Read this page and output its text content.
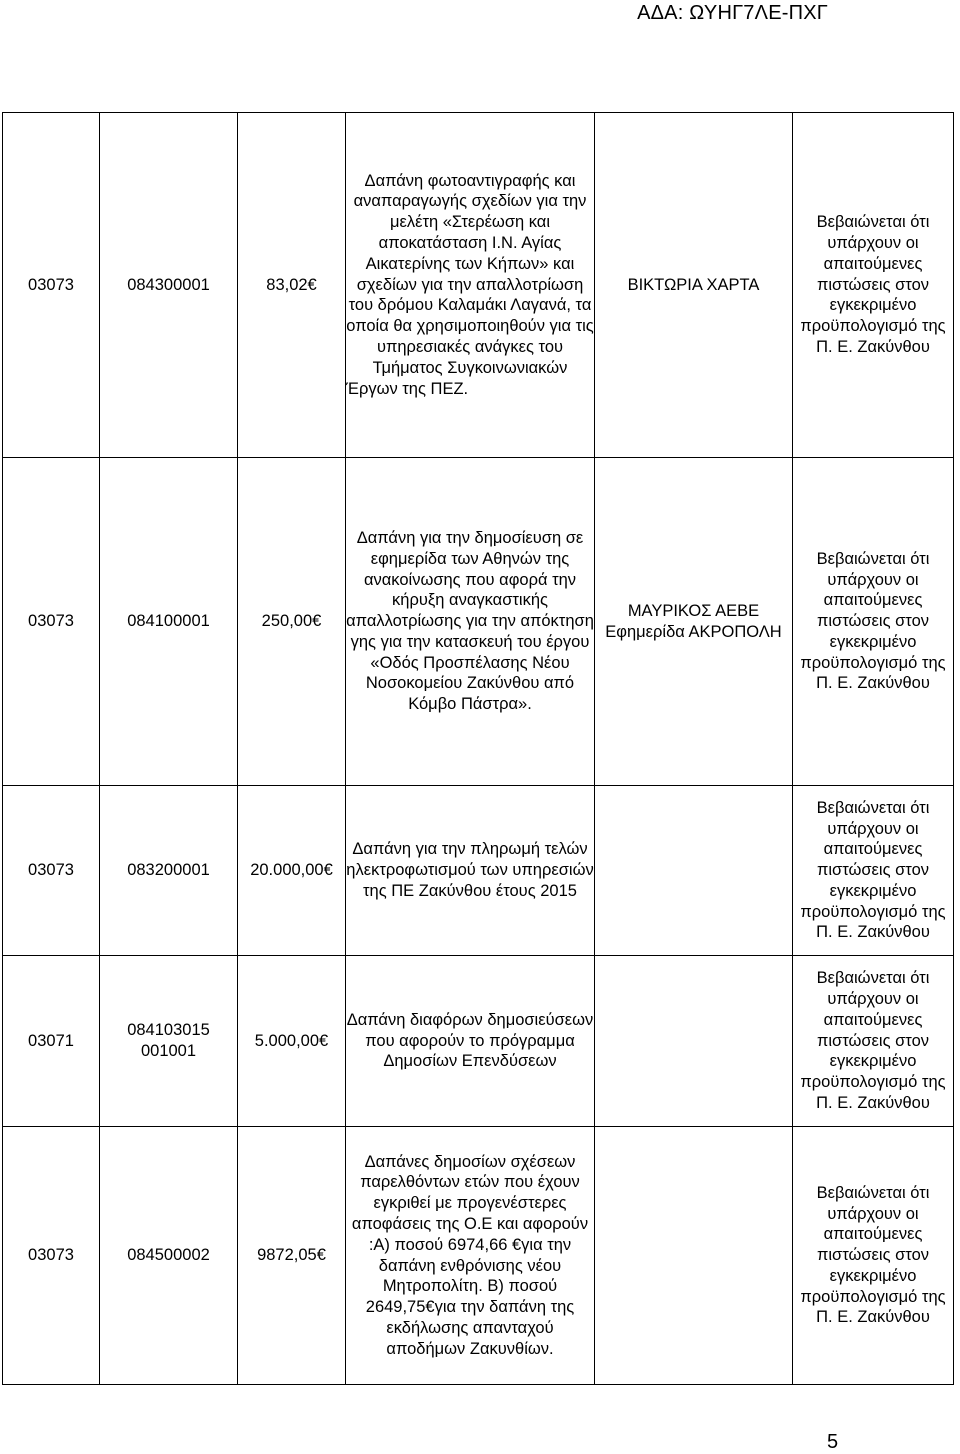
ΑΔΑ: ΩΥΗΓ7ΛΕ-ΠΧΓ
03073	084300001	83,02€	Δαπάνη φωτοαντιγραφής και αναπαραγωγής σχεδίων για την μελέτη «Στερέωση και αποκατάσταση Ι.Ν. Αγίας Αικατερίνης των Κήπων» και σχεδίων για την απαλλοτρίωση του δρόμου Καλαμάκι Λαγανά, τα οποία θα χρησιμοποιηθούν για τις υπηρεσιακές ανάγκες του Τμήματος Συγκοινωνιακών Έργων της ΠΕΖ.	ΒΙΚΤΩΡΙΑ ΧΑΡΤΑ	Βεβαιώνεται ότι υπάρχουν οι απαιτούμενες πιστώσεις στον εγκεκριμένο προϋπολογισμό της Π. Ε. Ζακύνθου
03073	084100001	250,00€	Δαπάνη για την δημοσίευση σε εφημερίδα των Αθηνών της ανακοίνωσης που αφορά την κήρυξη αναγκαστικής απαλλοτρίωσης για την απόκτηση γης για την κατασκευή του έργου «Οδός Προσπέλασης Νέου Νοσοκομείου Ζακύνθου από Κόμβο Πάστρα».	ΜΑΥΡΙΚΟΣ ΑΕΒΕ Εφημερίδα ΑΚΡΟΠΟΛΗ	Βεβαιώνεται ότι υπάρχουν οι απαιτούμενες πιστώσεις στον εγκεκριμένο προϋπολογισμό της Π. Ε. Ζακύνθου
03073	083200001	20.000,00€	Δαπάνη για την πληρωμή τελών ηλεκτροφωτισμού των υπηρεσιών της ΠΕ Ζακύνθου έτους 2015		Βεβαιώνεται ότι υπάρχουν οι απαιτούμενες πιστώσεις στον εγκεκριμένο προϋπολογισμό της Π. Ε. Ζακύνθου
03071	084103015 001001	5.000,00€	Δαπάνη διαφόρων δημοσιεύσεων που αφορούν το πρόγραμμα Δημοσίων Επενδύσεων		Βεβαιώνεται ότι υπάρχουν οι απαιτούμενες πιστώσεις στον εγκεκριμένο προϋπολογισμό της Π. Ε. Ζακύνθου
03073	084500002	9872,05€	Δαπάνες δημοσίων σχέσεων παρελθόντων ετών που έχουν εγκριθεί με προγενέστερες αποφάσεις της Ο.Ε και αφορούν :Α) ποσού 6974,66 €για την δαπάνη ενθρόνισης νέου Μητροπολίτη. Β) ποσού 2649,75€για την δαπάνη της εκδήλωσης απανταχού αποδήμων Ζακυνθίων.		Βεβαιώνεται ότι υπάρχουν οι απαιτούμενες πιστώσεις στον εγκεκριμένο προϋπολογισμό της Π. Ε. Ζακύνθου
5
